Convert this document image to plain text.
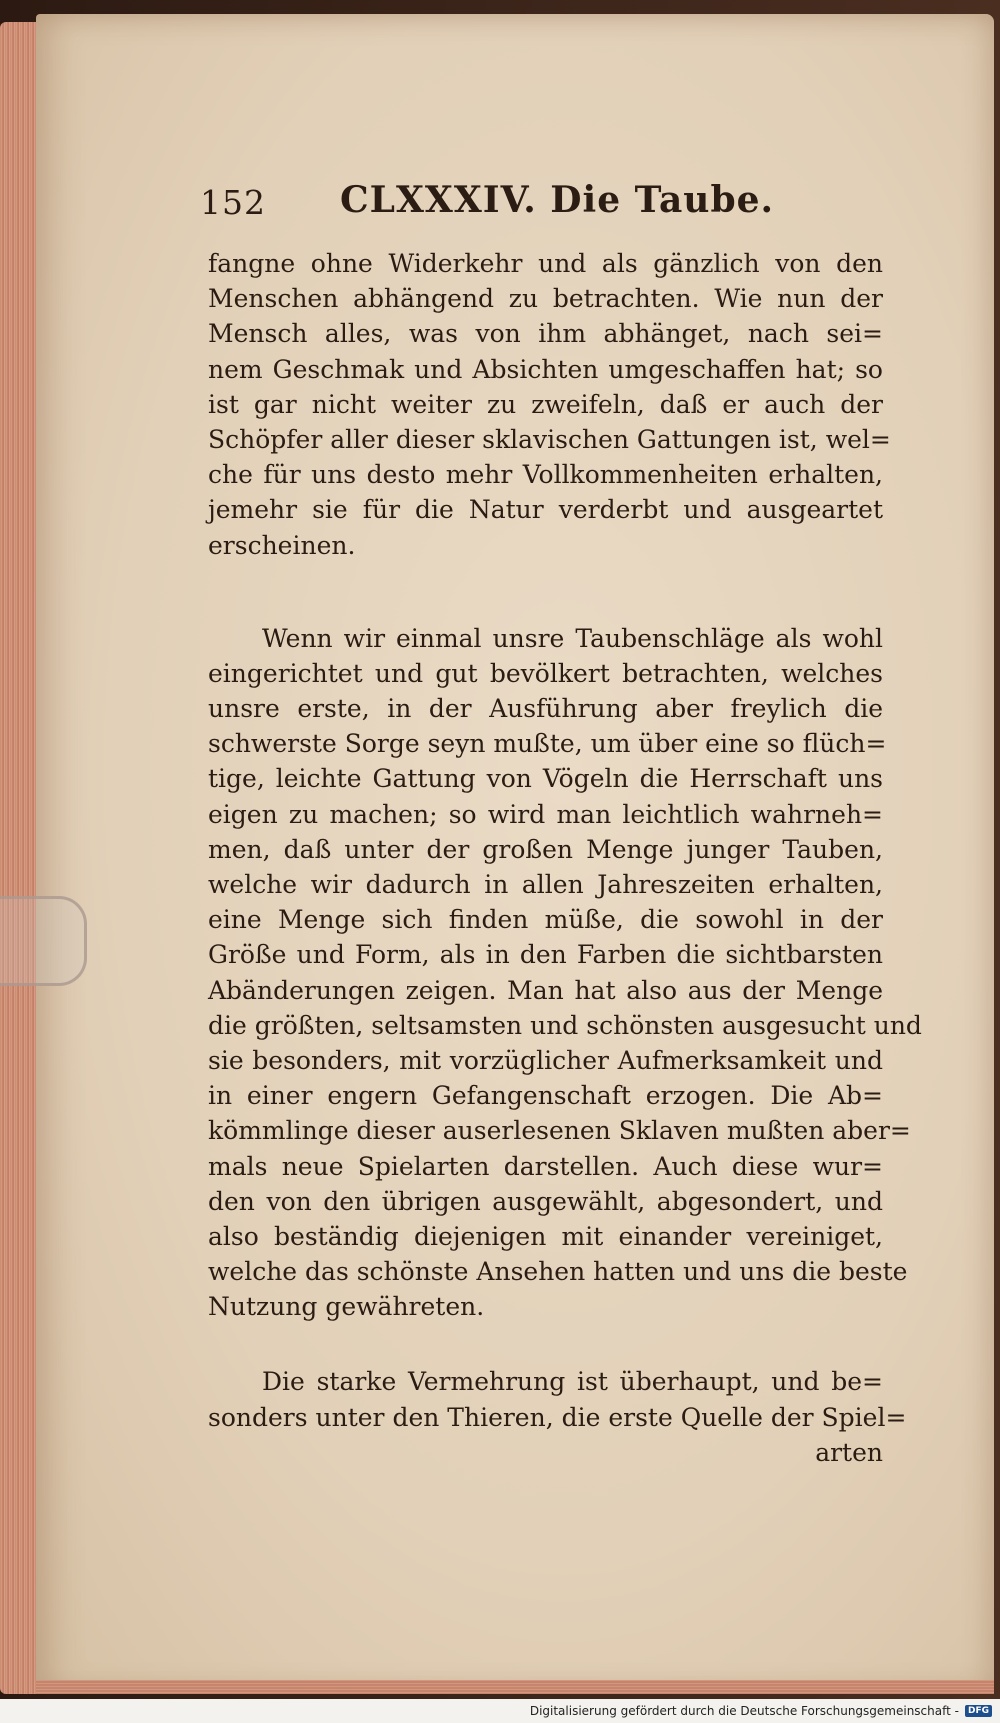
152 CLXXXIV. Die Taube.
fangne ohne Widerkehr und als gänzlich von den
Menschen abhängend zu betrachten. Wie nun der
Mensch alles, was von ihm abhänget, nach sei=
nem Geschmak und Absichten umgeschaffen hat; so
ist gar nicht weiter zu zweifeln, daß er auch der
Schöpfer aller dieser sklavischen Gattungen ist, wel=
che für uns desto mehr Vollkommenheiten erhalten,
jemehr sie für die Natur verderbt und ausgeartet
erscheinen.
Wenn wir einmal unsre Taubenschläge als wohl
eingerichtet und gut bevölkert betrachten, welches
unsre erste, in der Ausführung aber freylich die
schwerste Sorge seyn mußte, um über eine so flüch=
tige, leichte Gattung von Vögeln die Herrschaft uns
eigen zu machen; so wird man leichtlich wahrneh=
men, daß unter der großen Menge junger Tauben,
welche wir dadurch in allen Jahreszeiten erhalten,
eine Menge sich finden müße, die sowohl in der
Größe und Form, als in den Farben die sichtbarsten
Abänderungen zeigen. Man hat also aus der Menge
die größten, seltsamsten und schönsten ausgesucht und
sie besonders, mit vorzüglicher Aufmerksamkeit und
in einer engern Gefangenschaft erzogen. Die Ab=
kömmlinge dieser auserlesenen Sklaven mußten aber=
mals neue Spielarten darstellen. Auch diese wur=
den von den übrigen ausgewählt, abgesondert, und
also beständig diejenigen mit einander vereiniget,
welche das schönste Ansehen hatten und uns die beste
Nutzung gewähreten.
Die starke Vermehrung ist überhaupt, und be=
sonders unter den Thieren, die erste Quelle der Spiel=
arten
Digitalisierung gefördert durch die Deutsche Forschungsgemeinschaft -	DFG
